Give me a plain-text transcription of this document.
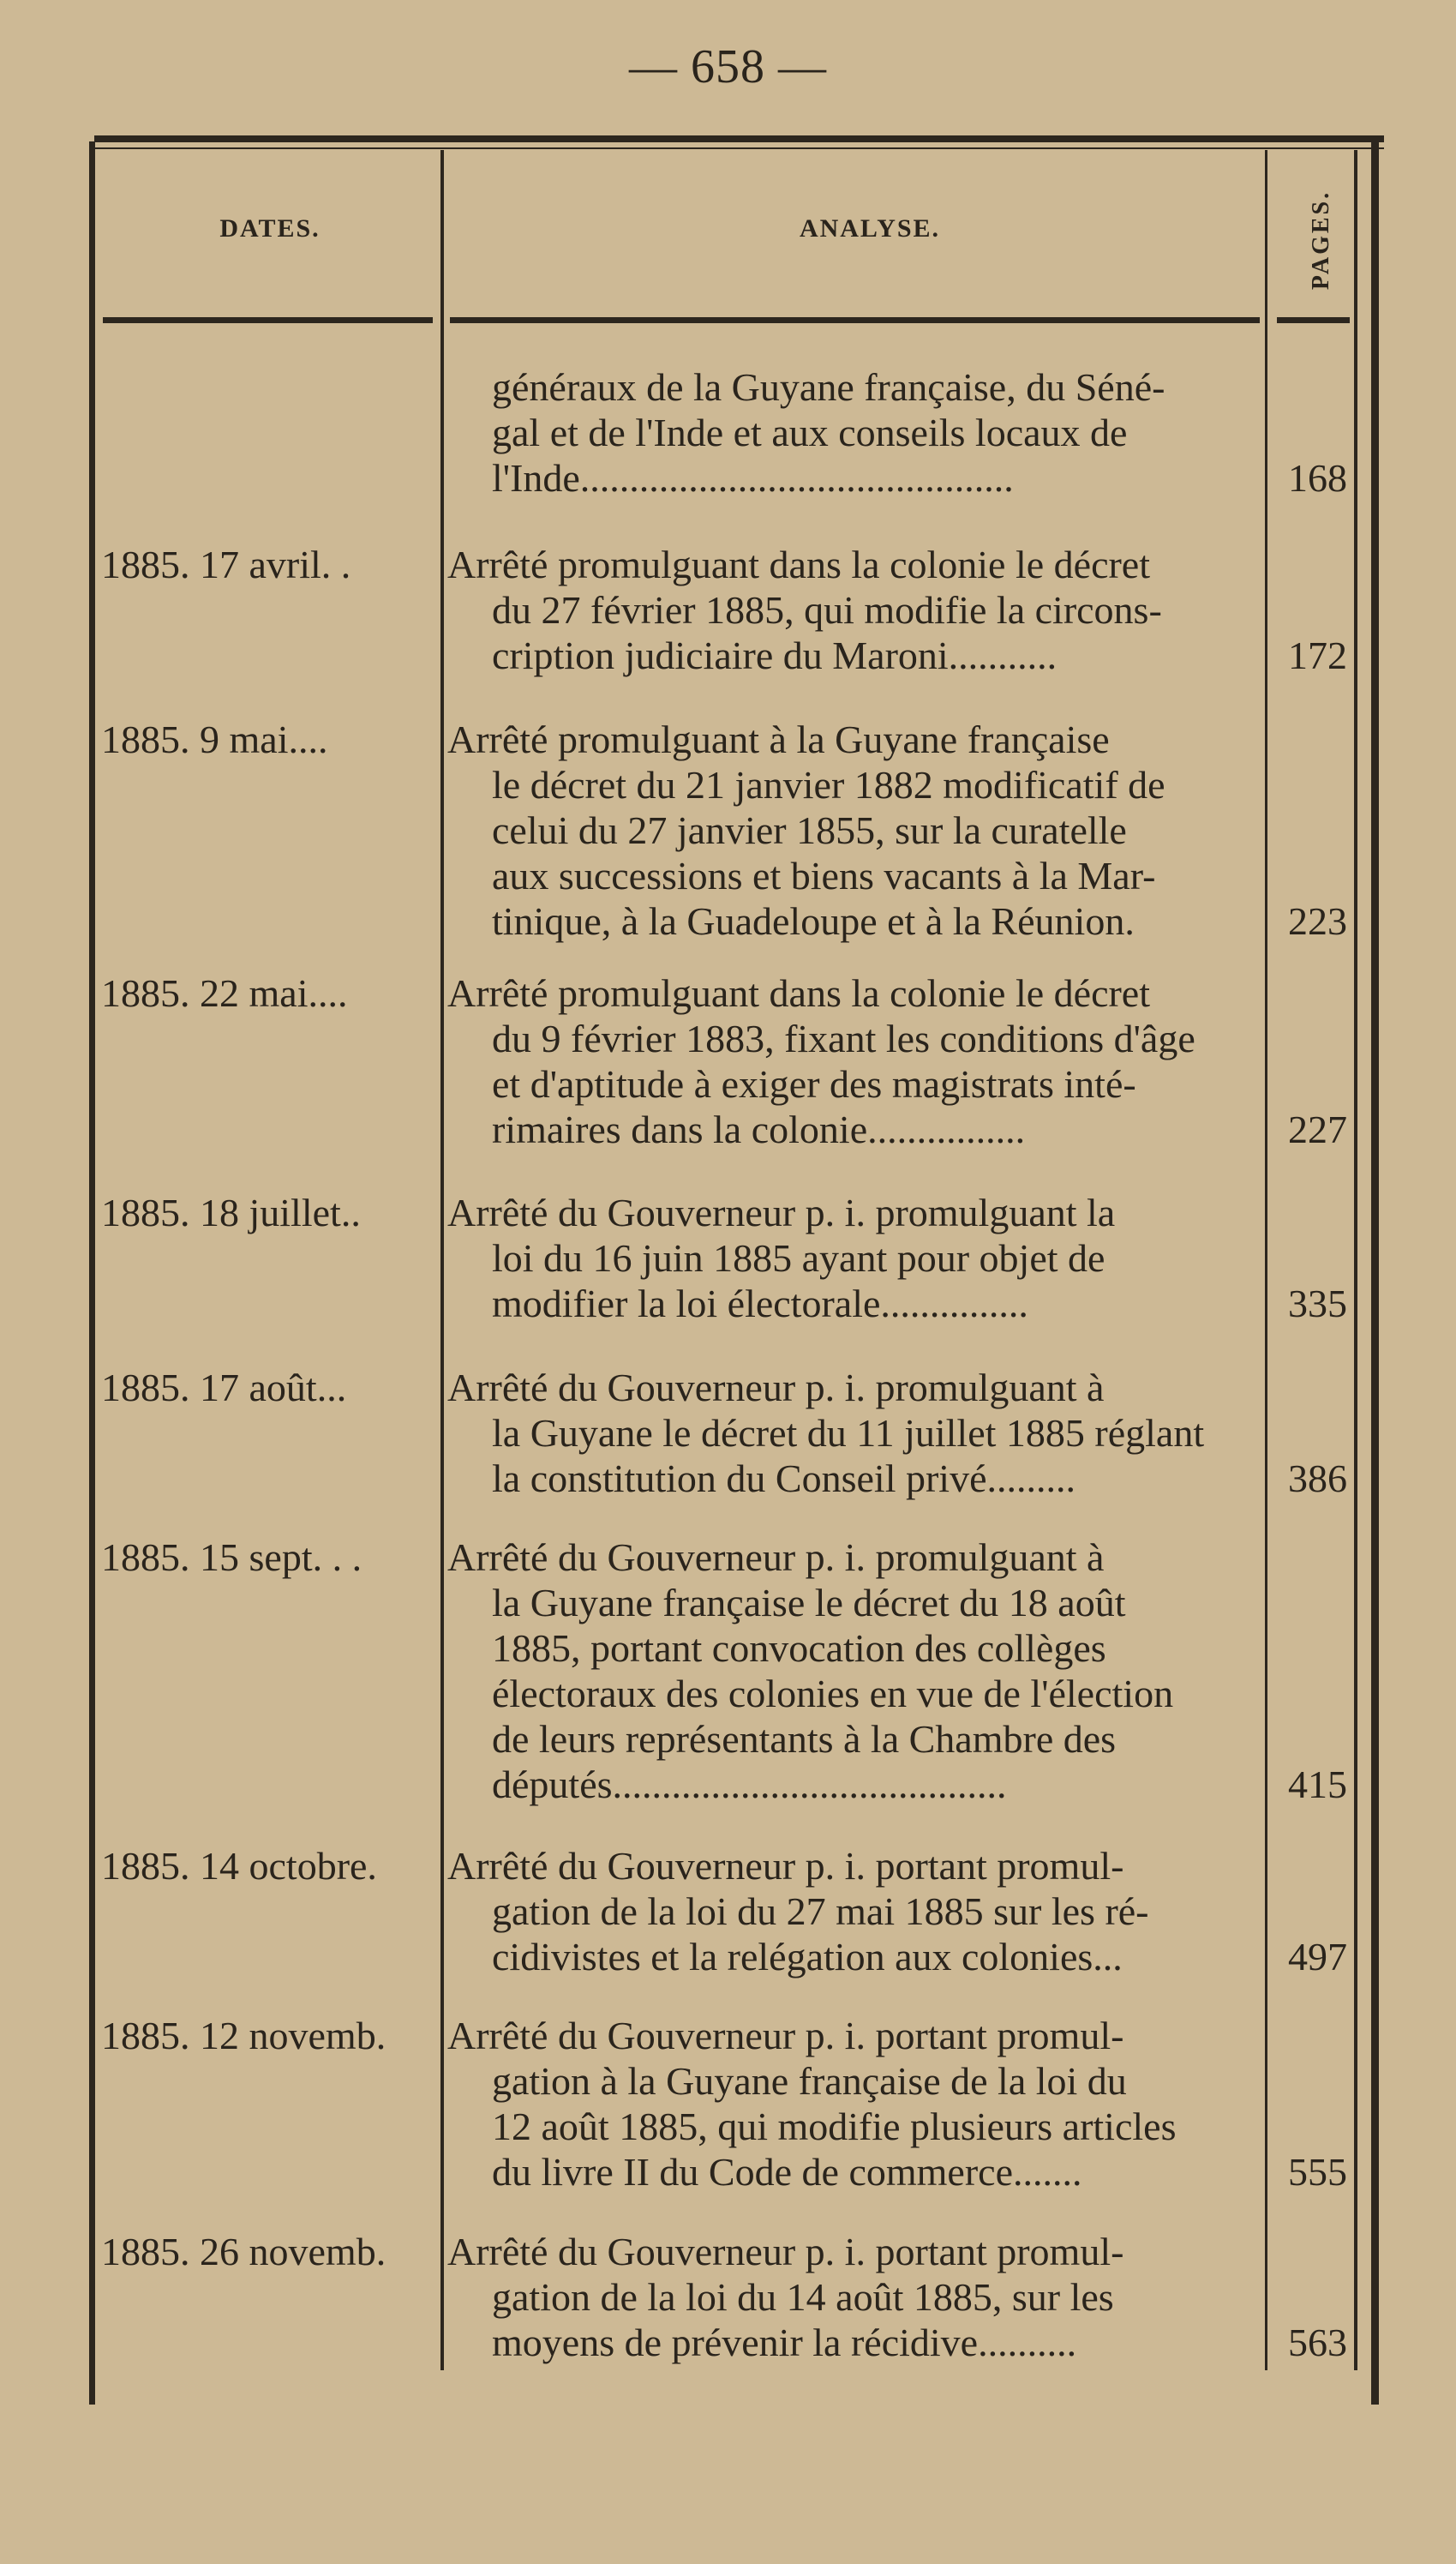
— 658 —
DATES.	ANALYSE.	PAGES.
généraux de la Guyane française, du Séné-
gal et de l'Inde et aux conseils locaux de
l'Inde............................................	168
1885. 17 avril. .	Arrêté promulguant dans la colonie le décret
du 27 février 1885, qui modifie la circons-
cription judiciaire du Maroni...........	172
1885. 9 mai....	Arrêté promulguant à la Guyane française
le décret du 21 janvier 1882 modificatif de
celui du 27 janvier 1855, sur la curatelle
aux successions et biens vacants à la Mar-
tinique, à la Guadeloupe et à la Réunion.	223
1885. 22 mai....	Arrêté promulguant dans la colonie le décret
du 9 février 1883, fixant les conditions d'âge
et d'aptitude à exiger des magistrats inté-
rimaires dans la colonie................	227
1885. 18 juillet..	Arrêté du Gouverneur p. i. promulguant la
loi du 16 juin 1885 ayant pour objet de
modifier la loi électorale...............	335
1885. 17 août...	Arrêté du Gouverneur p. i. promulguant à
la Guyane le décret du 11 juillet 1885 réglant
la constitution du Conseil privé.........	386
1885. 15 sept. . .	Arrêté du Gouverneur p. i. promulguant à
la Guyane française le décret du 18 août
1885, portant convocation des collèges
électoraux des colonies en vue de l'élection
de leurs représentants à la Chambre des
députés........................................	415
1885. 14 octobre.	Arrêté du Gouverneur p. i. portant promul-
gation de la loi du 27 mai 1885 sur les ré-
cidivistes et la relégation aux colonies...	497
1885. 12 novemb.	Arrêté du Gouverneur p. i. portant promul-
gation à la Guyane française de la loi du
12 août 1885, qui modifie plusieurs articles
du livre II du Code de commerce.......	555
1885. 26 novemb.	Arrêté du Gouverneur p. i. portant promul-
gation de la loi du 14 août 1885, sur les
moyens de prévenir la récidive..........	563
